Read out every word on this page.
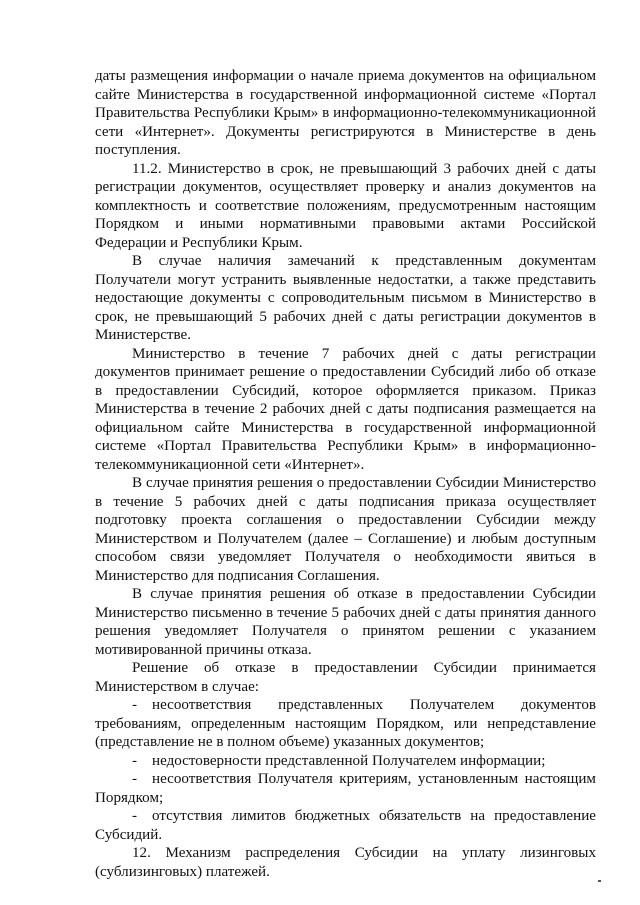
даты размещения информации о начале приема документов на официальном сайте Министерства в государственной информационной системе «Портал Правительства Республики Крым» в информационно-телекоммуникационной сети «Интернет». Документы регистрируются в Министерстве в день поступления.

11.2. Министерство в срок, не превышающий 3 рабочих дней с даты регистрации документов, осуществляет проверку и анализ документов на комплектность и соответствие положениям, предусмотренным настоящим Порядком и иными нормативными правовыми актами Российской Федерации и Республики Крым.

В случае наличия замечаний к представленным документам Получатели могут устранить выявленные недостатки, а также представить недостающие документы с сопроводительным письмом в Министерство в срок, не превышающий 5 рабочих дней с даты регистрации документов в Министерстве.

Министерство в течение 7 рабочих дней с даты регистрации документов принимает решение о предоставлении Субсидий либо об отказе в предоставлении Субсидий, которое оформляется приказом. Приказ Министерства в течение 2 рабочих дней с даты подписания размещается на официальном сайте Министерства в государственной информационной системе «Портал Правительства Республики Крым» в информационно-телекоммуникационной сети «Интернет».

В случае принятия решения о предоставлении Субсидии Министерство в течение 5 рабочих дней с даты подписания приказа осуществляет подготовку проекта соглашения о предоставлении Субсидии между Министерством и Получателем (далее – Соглашение) и любым доступным способом связи уведомляет Получателя о необходимости явиться в Министерство для подписания Соглашения.

В случае принятия решения об отказе в предоставлении Субсидии Министерство письменно в течение 5 рабочих дней с даты принятия данного решения уведомляет Получателя о принятом решении с указанием мотивированной причины отказа.

Решение об отказе в предоставлении Субсидии принимается Министерством в случае:

- несоответствия представленных Получателем документов требованиям, определенным настоящим Порядком, или непредставление (представление не в полном объеме) указанных документов;

- недостоверности представленной Получателем информации;

- несоответствия Получателя критериям, установленным настоящим Порядком;

- отсутствия лимитов бюджетных обязательств на предоставление Субсидий.

12. Механизм распределения Субсидии на уплату лизинговых (сублизинговых) платежей.
